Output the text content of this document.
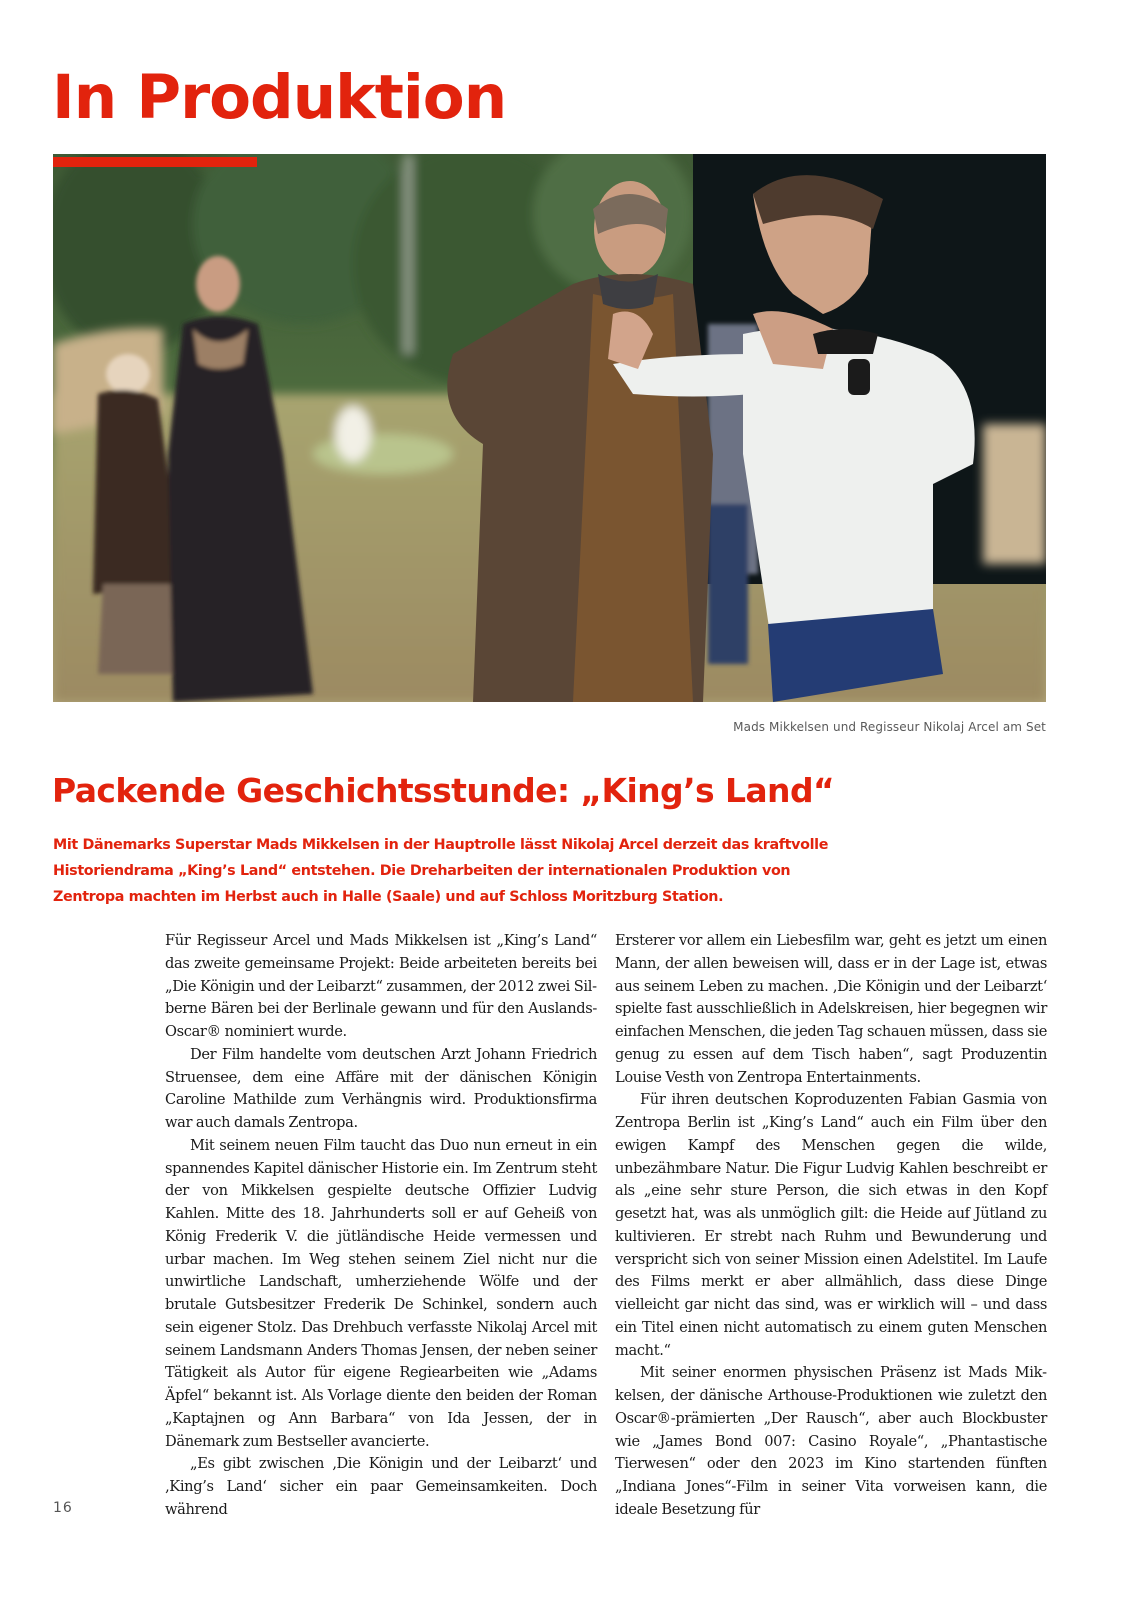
In Produktion
Mads Mikkelsen und Regisseur Nikolaj Arcel am Set
Packende Geschichtsstunde: „King’s Land“

Mit Dänemarks Superstar Mads Mikkelsen in der Hauptrolle lässt Nikolaj Arcel derzeit das kraftvolle Historiendrama „King’s Land“ entstehen. Die Dreharbeiten der internationalen Produktion von Zentropa machten im Herbst auch in Halle (Saale) und auf Schloss Moritzburg Station.

Für Regisseur Arcel und Mads Mikkelsen ist „King’s Land“ das zweite gemeinsame Projekt: Beide arbeiteten bereits bei „Die Königin und der Leibarzt“ zusammen, der 2012 zwei Silberne Bären bei der Berlinale gewann und für den Auslands-Oscar® nominiert wurde.

Der Film handelte vom deutschen Arzt Johann Friedrich Struensee, dem eine Affäre mit der dänischen Königin Caroline Mathilde zum Verhängnis wird. Produktionsfirma war auch damals Zentropa.

Mit seinem neuen Film taucht das Duo nun erneut in ein spannendes Kapitel dänischer Historie ein. Im Zentrum steht der von Mikkelsen gespielte deutsche Offizier Ludvig Kahlen. Mitte des 18. Jahrhunderts soll er auf Geheiß von König Frederik V. die jütländische Heide vermessen und urbar machen. Im Weg stehen seinem Ziel nicht nur die unwirtliche Landschaft, umherziehende Wölfe und der brutale Gutsbesitzer Frederik De Schinkel, sondern auch sein eigener Stolz. Das Drehbuch verfasste Nikolaj Arcel mit seinem Landsmann Anders Thomas Jensen, der neben seiner Tätigkeit als Autor für eigene Regiearbeiten wie „Adams Äpfel“ bekannt ist. Als Vorlage diente den beiden der Roman „Kaptajnen og Ann Barbara“ von Ida Jessen, der in Dänemark zum Bestseller avancierte.

„Es gibt zwischen ‚Die Königin und der Leibarzt‘ und ‚King’s Land‘ sicher ein paar Gemeinsamkeiten. Doch während

Ersterer vor allem ein Liebesfilm war, geht es jetzt um einen Mann, der allen beweisen will, dass er in der Lage ist, etwas aus seinem Leben zu machen. ‚Die Königin und der Leibarzt‘ spielte fast ausschließlich in Adelskreisen, hier begegnen wir einfachen Menschen, die jeden Tag schauen müssen, dass sie genug zu essen auf dem Tisch haben“, sagt Produzentin Louise Vesth von Zentropa Entertainments.

Für ihren deutschen Koproduzenten Fabian Gasmia von Zentropa Berlin ist „King’s Land“ auch ein Film über den ewigen Kampf des Menschen gegen die wilde, unbezähmbare Natur. Die Figur Ludvig Kahlen beschreibt er als „eine sehr sture Person, die sich etwas in den Kopf gesetzt hat, was als unmöglich gilt: die Heide auf Jütland zu kultivieren. Er strebt nach Ruhm und Bewunderung und verspricht sich von seiner Mission einen Adelstitel. Im Laufe des Films merkt er aber allmählich, dass diese Dinge vielleicht gar nicht das sind, was er wirklich will – und dass ein Titel einen nicht automatisch zu einem guten Menschen macht.“

Mit seiner enormen physischen Präsenz ist Mads Mikkelsen, der dänische Arthouse-Produktionen wie zuletzt den Oscar®-prämierten „Der Rausch“, aber auch Blockbuster wie „James Bond 007: Casino Royale“, „Phantastische Tierwesen“ oder den 2023 im Kino startenden fünften „Indiana Jones“-Film in seiner Vita vorweisen kann, die ideale Besetzung für

16
